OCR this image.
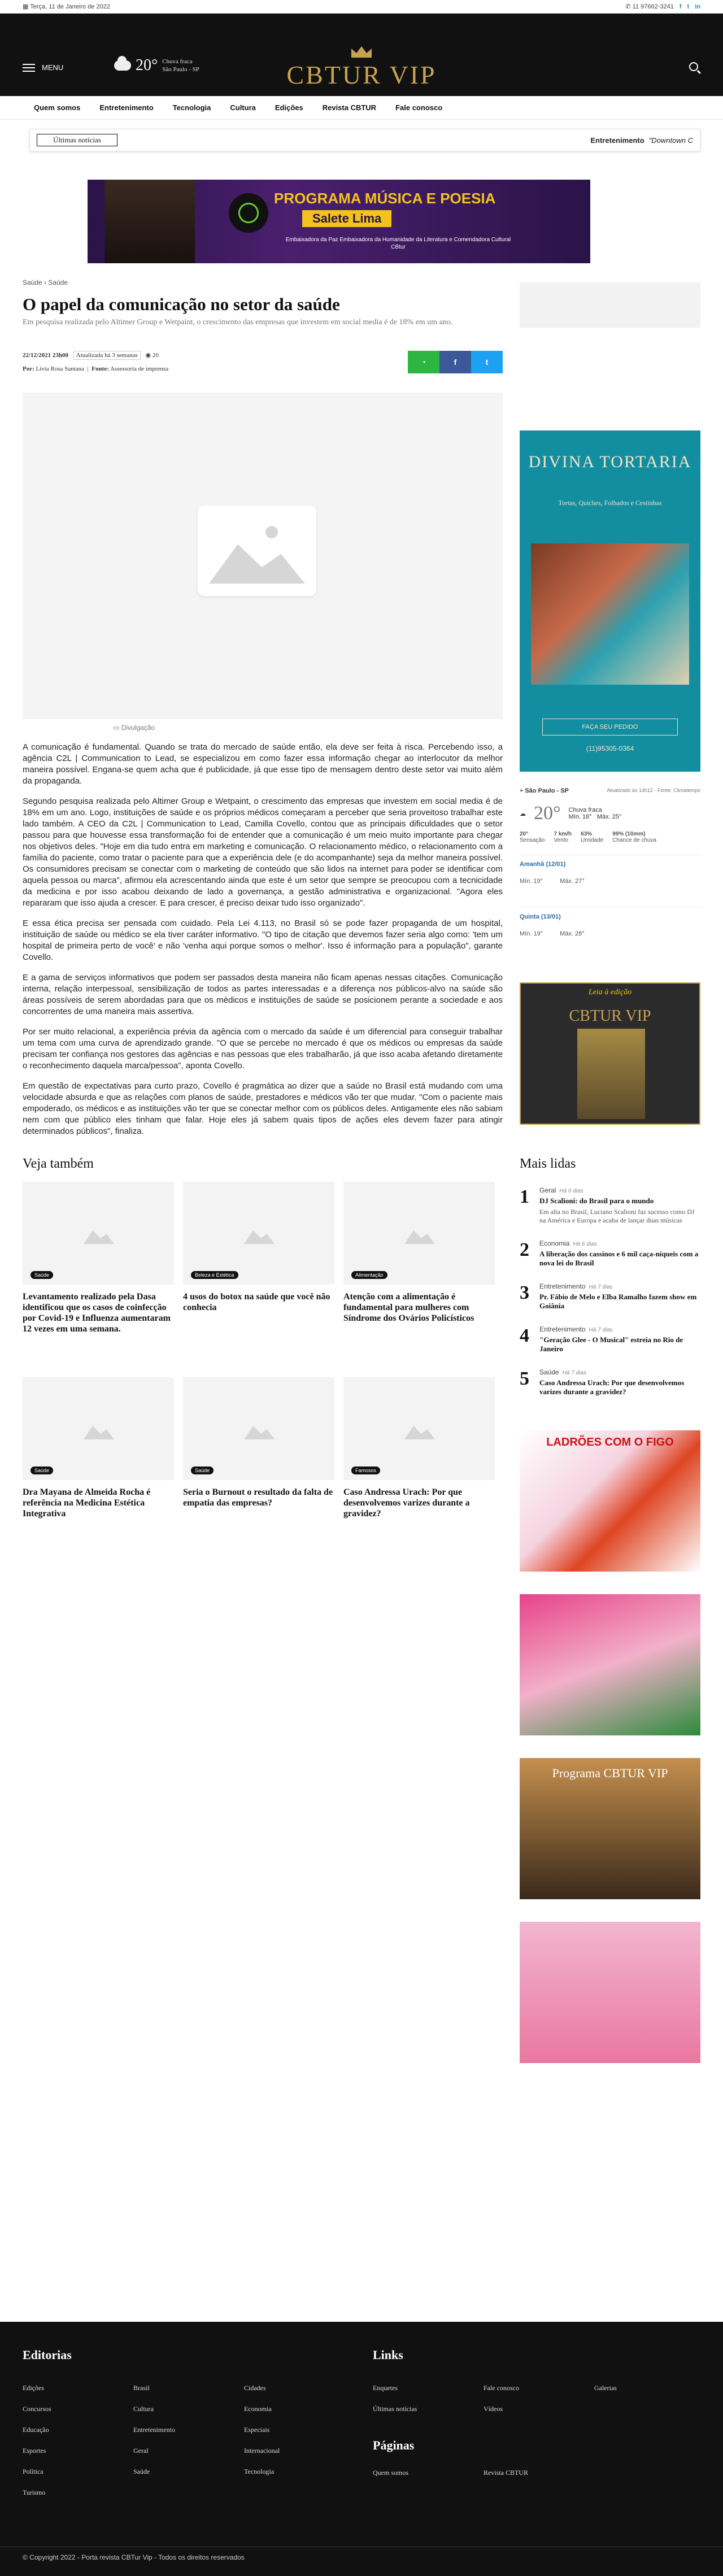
▦ Terça, 11 de Janeiro de 2022	✆ 11 97662-3241 f t in
MENU	20° Chuva fraca
São Paulo - SP	CBTUR VIP
Quem somos	Entretenimento	Tecnologia	Cultura	Edições	Revista CBTUR	Fale conosco
Últimas notícias	Entretenimento "Downtown C
PROGRAMA MÚSICA E POESIA
Salete Lima
Embaixadora da Paz Embaixadora da Humanidade da Literatura e Comendadora Cultural CBtur
Saúde › Saúde
O papel da comunicação no setor da saúde
Em pesquisa realizada pelo Altimer Group e Wetpaint, o crescimento das empresas que investem em social media é de 18% em um ano.
22/12/2021 23h00 Atualizada há 3 semanas ◉ 20
Por: Livia Rosa Santana  |  Fonte: Assessoria de imprensa
◔	f	t
▭ Divulgação

A comunicação é fundamental. Quando se trata do mercado de saúde então, ela deve ser feita à risca. Percebendo isso, a agência C2L | Communication to Lead, se especializou em como fazer essa informação chegar ao interlocutor da melhor maneira possível. Engana-se quem acha que é publicidade, já que esse tipo de mensagem dentro deste setor vai muito além da propaganda.

Segundo pesquisa realizada pelo Altimer Group e Wetpaint, o crescimento das empresas que investem em social media é de 18% em um ano. Logo, instituições de saúde e os próprios médicos começaram a perceber que seria proveitoso trabalhar este lado também. A CEO da C2L | Communication to Lead, Camilla Covello, contou que as principais dificuldades que o setor passou para que houvesse essa transformação foi de entender que a comunicação é um meio muito importante para chegar nos objetivos deles. "Hoje em dia tudo entra em marketing e comunicação. O relacionamento médico, o relacionamento com a família do paciente, como tratar o paciente para que a experiência dele (e do acompanhante) seja da melhor maneira possível. Os consumidores precisam se conectar com o marketing de conteúdo que são lidos na internet para poder se identificar com aquela pessoa ou marca", afirmou ela acrescentando ainda que este é um setor que sempre se preocupou com a tecnicidade da medicina e por isso acabou deixando de lado a governança, a gestão administrativa e organizacional. "Agora eles repararam que isso ajuda a crescer. E para crescer, é preciso deixar tudo isso organizado".

E essa ética precisa ser pensada com cuidado. Pela Lei 4.113, no Brasil só se pode fazer propaganda de um hospital, instituição de saúde ou médico se ela tiver caráter informativo. "O tipo de citação que devemos fazer seria algo como: 'tem um hospital de primeira perto de você' e não 'venha aqui porque somos o melhor'. Isso é informação para a população", garante Covello.

E a gama de serviços informativos que podem ser passados desta maneira não ficam apenas nessas citações. Comunicação interna, relação interpessoal, sensibilização de todos as partes interessadas e a diferença nos públicos-alvo na saúde são áreas possíveis de serem abordadas para que os médicos e instituições de saúde se posicionem perante a sociedade e aos concorrentes de uma maneira mais assertiva.

Por ser muito relacional, a experiência prévia da agência com o mercado da saúde é um diferencial para conseguir trabalhar um tema com uma curva de aprendizado grande. "O que se percebe no mercado é que os médicos ou empresas da saúde precisam ter confiança nos gestores das agências e nas pessoas que eles trabalharão, já que isso acaba afetando diretamente o reconhecimento daquela marca/pessoa", aponta Covello.

Em questão de expectativas para curto prazo, Covello é pragmática ao dizer que a saúde no Brasil está mudando com uma velocidade absurda e que as relações com planos de saúde, prestadores e médicos vão ter que mudar. "Com o paciente mais empoderado, os médicos e as instituições vão ter que se conectar melhor com os públicos deles. Antigamente eles não sabiam nem com que público eles tinham que falar. Hoje eles já sabem quais tipos de ações eles devem fazer para atingir determinados públicos", finaliza.

Veja também
Saúde
Levantamento realizado pela Dasa identificou que os casos de coinfecção por Covid-19 e Influenza aumentaram 12 vezes em uma semana.
Beleza e Estética
4 usos do botox na saúde que você não conhecia
Alimentação
Atenção com a alimentação é fundamental para mulheres com Síndrome dos Ovários Policísticos
Saúde
Dra Mayana de Almeida Rocha é referência na Medicina Estética Integrativa
Saúde
Seria o Burnout o resultado da falta de empatia das empresas?
Famosos
Caso Andressa Urach: Por que desenvolvemos varizes durante a gravidez?
DIVINA TORTARIA
Tortas, Quiches, Folhados e Cestinhas
FAÇA SEU PEDIDO
(11)95305-0364
⌖ São Paulo - SP	Atualizado às 14h12 - Fonte: Climatempo
☁ 20° Chuva fraca
Mín. 18° Máx. 25°
20°
Sensação
7 km/h
Vento
63%
Umidade
99% (10mm)
Chance de chuva
Amanhã (12/01)
Mín. 19°	Máx. 27°
Quinta (13/01)
Mín. 19°	Máx. 28°
Leia à edição
CBTUR VIP
Mais lidas
1 Geral Há 6 dias
DJ Scalioni: do Brasil para o mundo
Em alta no Brasil, Luciano Scalioni faz sucesso como DJ na América e Europa e acaba de lançar duas músicas
2 Economia Há 6 dias
A liberação dos cassinos e 6 mil caça-níqueis com a nova lei do Brasil
3 Entretenimento Há 7 dias
Pr. Fábio de Melo e Elba Ramalho fazem show em Goiânia
4 Entretenimento Há 7 dias
"Geração Glee - O Musical" estreia no Rio de Janeiro
5 Saúde Há 7 dias
Caso Andressa Urach: Por que desenvolvemos varizes durante a gravidez?
LADRÕES COM O FIGO
Programa CBTUR VIP
Editorias
Edições	Brasil	Cidades
Concursos	Cultura	Economia
Educação	Entretenimento	Especiais
Esportes	Geral	Internacional
Política	Saúde	Tecnologia
Turismo
Links
Enquetes	Fale conosco	Galerias
Últimas notícias	Vídeos
Páginas
Quem somos	Revista CBTUR
© Copyright 2022 - Porta revista CBTur Vip - Todos os direitos reservados
